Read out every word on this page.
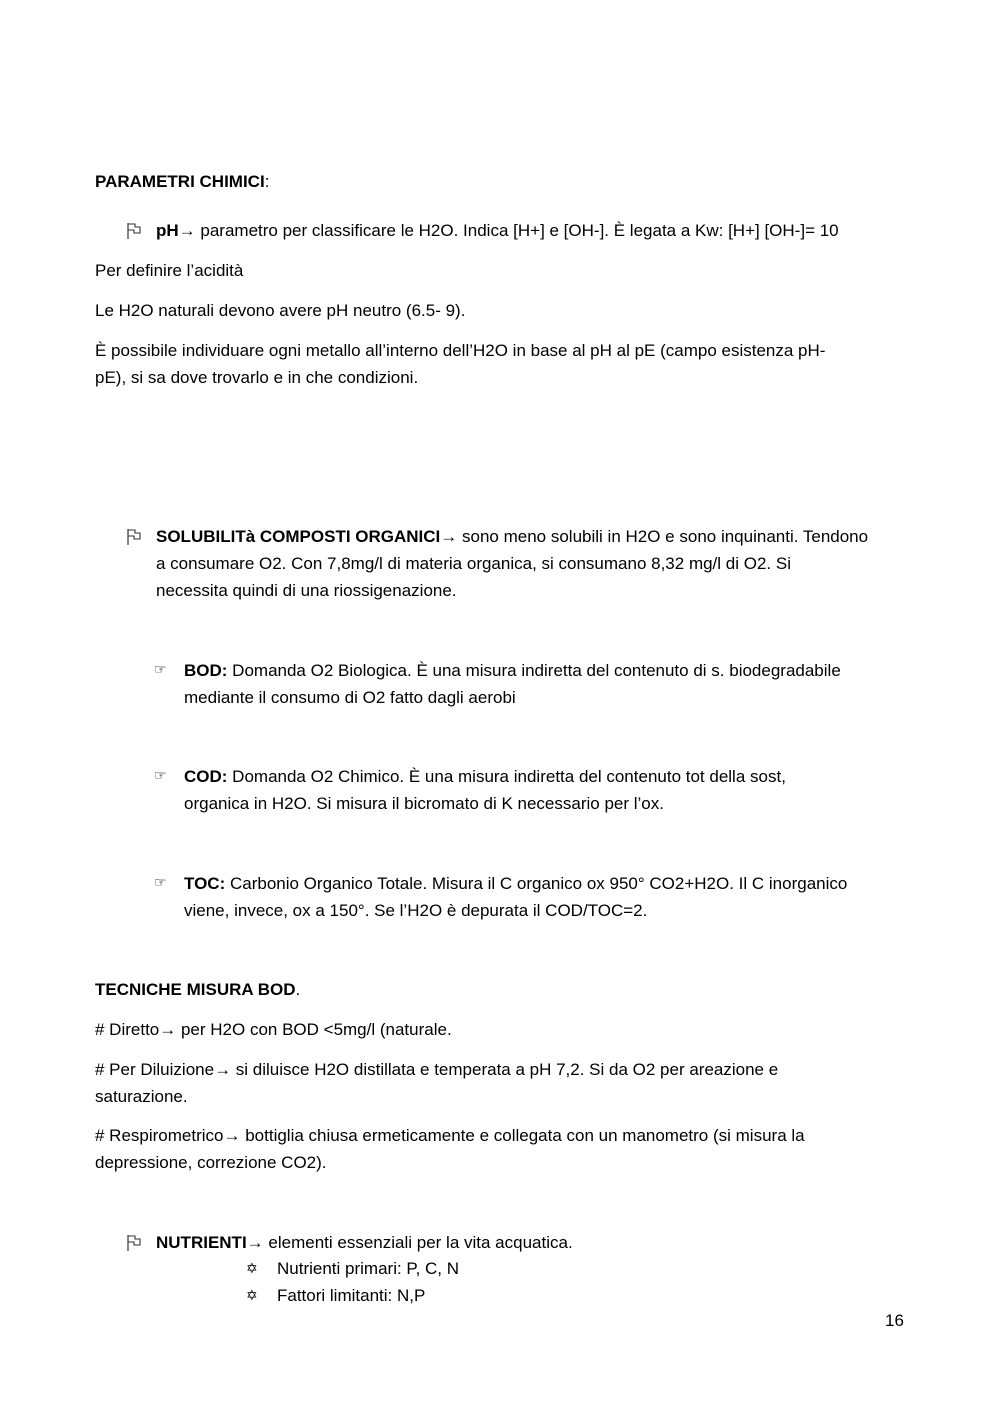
PARAMETRI CHIMICI:
pH→ parametro per classificare le H2O. Indica [H+] e [OH-]. È legata a Kw: [H+] [OH-]= 10
Per definire l’acidità
Le H2O naturali devono avere pH neutro (6.5- 9).
È possibile individuare ogni metallo all’interno dell’H2O in base al pH al pE (campo esistenza pH-
pE), si sa dove trovarlo e in che condizioni.
SOLUBILITà COMPOSTI ORGANICI→ sono meno solubili in H2O e sono inquinanti. Tendono
a consumare O2. Con 7,8mg/l di materia organica, si consumano 8,32 mg/l di O2. Si
necessita quindi di una riossigenazione.
☞ BOD: Domanda O2 Biologica. È una misura indiretta del contenuto di s. biodegradabile
mediante il consumo di O2 fatto dagli aerobi
☞ COD: Domanda O2 Chimico. È una misura indiretta del contenuto tot della sost,
organica in H2O. Si misura il bicromato di K necessario per l’ox.
☞ TOC: Carbonio Organico Totale. Misura il C organico ox 950° CO2+H2O. Il C inorganico
viene, invece, ox a 150°. Se l’H2O è depurata il COD/TOC=2.
TECNICHE MISURA BOD.
# Diretto→ per H2O con BOD <5mg/l (naturale.
# Per Diluizione→ si diluisce H2O distillata e temperata a pH 7,2. Si da O2 per areazione e
saturazione.
# Respirometrico→ bottiglia chiusa ermeticamente e collegata con un manometro (si misura la
depressione, correzione CO2).
NUTRIENTI→ elementi essenziali per la vita acquatica.
✡ Nutrienti primari: P, C, N
✡ Fattori limitanti: N,P
16
